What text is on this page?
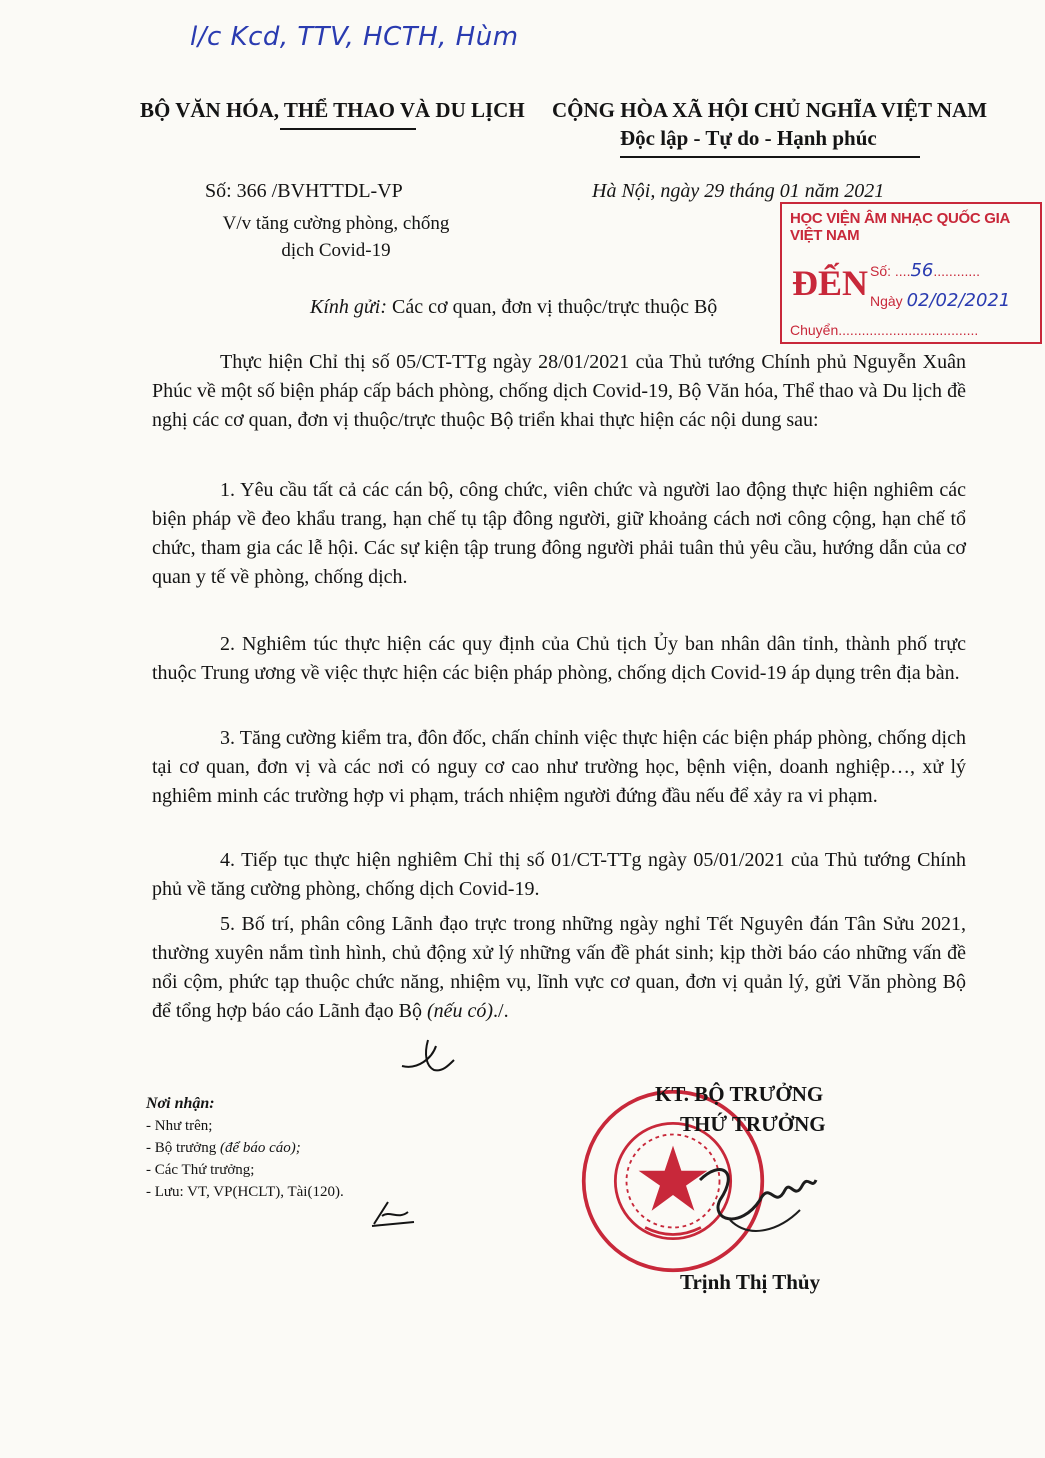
l/c Kcd, TTV, HCTH, Hùm
BỘ VĂN HÓA, THỂ THAO VÀ DU LỊCH CỘNG HÒA XÃ HỘI CHỦ NGHĨA VIỆT NAM
Độc lập - Tự do - Hạnh phúc
Số: 366 /BVHTTDL-VP
V/v tăng cường phòng, chống
dịch Covid-19
Hà Nội, ngày 29 tháng 01 năm 2021
HỌC VIỆN ÂM NHẠC QUỐC GIA VIỆT NAM
ĐẾN Số: ....56............
Ngày 02/02/2021
Chuyển....................................
Kính gửi: Các cơ quan, đơn vị thuộc/trực thuộc Bộ

Thực hiện Chỉ thị số 05/CT-TTg ngày 28/01/2021 của Thủ tướng Chính phủ Nguyễn Xuân Phúc về một số biện pháp cấp bách phòng, chống dịch Covid-19, Bộ Văn hóa, Thể thao và Du lịch đề nghị các cơ quan, đơn vị thuộc/trực thuộc Bộ triển khai thực hiện các nội dung sau:

1. Yêu cầu tất cả các cán bộ, công chức, viên chức và người lao động thực hiện nghiêm các biện pháp về đeo khẩu trang, hạn chế tụ tập đông người, giữ khoảng cách nơi công cộng, hạn chế tổ chức, tham gia các lễ hội. Các sự kiện tập trung đông người phải tuân thủ yêu cầu, hướng dẫn của cơ quan y tế về phòng, chống dịch.

2. Nghiêm túc thực hiện các quy định của Chủ tịch Ủy ban nhân dân tỉnh, thành phố trực thuộc Trung ương về việc thực hiện các biện pháp phòng, chống dịch Covid-19 áp dụng trên địa bàn.

3. Tăng cường kiểm tra, đôn đốc, chấn chỉnh việc thực hiện các biện pháp phòng, chống dịch tại cơ quan, đơn vị và các nơi có nguy cơ cao như trường học, bệnh viện, doanh nghiệp…, xử lý nghiêm minh các trường hợp vi phạm, trách nhiệm người đứng đầu nếu để xảy ra vi phạm.

4. Tiếp tục thực hiện nghiêm Chỉ thị số 01/CT-TTg ngày 05/01/2021 của Thủ tướng Chính phủ về tăng cường phòng, chống dịch Covid-19.

5. Bố trí, phân công Lãnh đạo trực trong những ngày nghỉ Tết Nguyên đán Tân Sửu 2021, thường xuyên nắm tình hình, chủ động xử lý những vấn đề phát sinh; kịp thời báo cáo những vấn đề nổi cộm, phức tạp thuộc chức năng, nhiệm vụ, lĩnh vực cơ quan, đơn vị quản lý, gửi Văn phòng Bộ để tổng hợp báo cáo Lãnh đạo Bộ (nếu có)./.

Nơi nhận:
- Như trên;
- Bộ trưởng (để báo cáo);
- Các Thứ trưởng;
- Lưu: VT, VP(HCLT), Tài(120).
KT. BỘ TRƯỞNG
THỨ TRƯỞNG
Trịnh Thị Thủy
